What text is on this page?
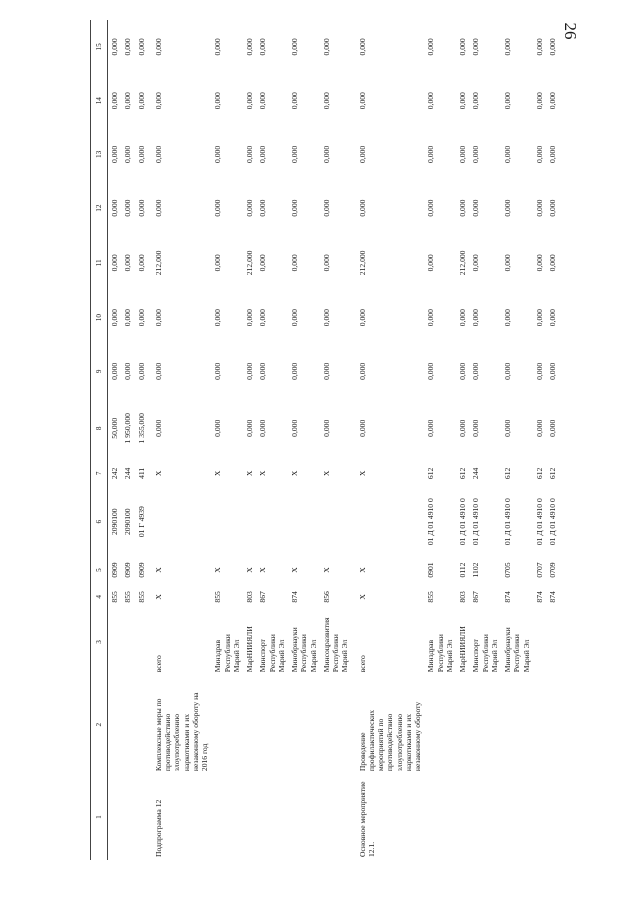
26
1	2	3	4	5	6	7	8	9	10	11	12	13	14	15
			855	0909	2090100	242	50,000	0,000	0,000	0,000	0,000	0,000	0,000	0,000
			855	0909	2090100	244	1 950,000	0,000	0,000	0,000	0,000	0,000	0,000	0,000
			855	0909	01 Г 4939	411	1 355,000	0,000	0,000	0,000	0,000	0,000	0,000	0,000
Подпрограмма 12	Комплексные меры по противодействию злоупотреблению наркотиками и их незаконному обороту на 2016 год	всего	Х	Х		Х	0,000	0,000	0,000	212,000	0,000	0,000	0,000	0,000
		Минздрав Республики Марий Эл	855	Х		Х	0,000	0,000	0,000	0,000	0,000	0,000	0,000	0,000
		МарНИИЯЛИ	803	Х		Х	0,000	0,000	0,000	212,000	0,000	0,000	0,000	0,000
		Минспорт Республики Марий Эл	867	Х		Х	0,000	0,000	0,000	0,000	0,000	0,000	0,000	0,000
		Минобрнауки Республики Марий Эл	874	Х		Х	0,000	0,000	0,000	0,000	0,000	0,000	0,000	0,000
		Минсоцразвития Республики Марий Эл	856	Х		Х	0,000	0,000	0,000	0,000	0,000	0,000	0,000	0,000
Основное мероприятие 12.1.	Проведение профилактических мероприятий по противодействию злоупотреблению наркотиками и их незаконному обороту	всего	Х	Х		Х	0,000	0,000	0,000	212,000	0,000	0,000	0,000	0,000
		Минздрав Республики Марий Эл	855	0901	01 Д 01 4910 0	612	0,000	0,000	0,000	0,000	0,000	0,000	0,000	0,000
		МарНИИЯЛИ	803	0112	01 Д 01 4910 0	612	0,000	0,000	0,000	212,000	0,000	0,000	0,000	0,000
		Минспорт Республики Марий Эл	867	1102	01 Д 01 4910 0	244	0,000	0,000	0,000	0,000	0,000	0,000	0,000	0,000
		Минобрнауки Республики Марий Эл	874	0705	01 Д 01 4910 0	612	0,000	0,000	0,000	0,000	0,000	0,000	0,000	0,000
			874	0707	01 Д 01 4910 0	612	0,000	0,000	0,000	0,000	0,000	0,000	0,000	0,000
			874	0709	01 Д 01 4910 0	612	0,000	0,000	0,000	0,000	0,000	0,000	0,000	0,000
